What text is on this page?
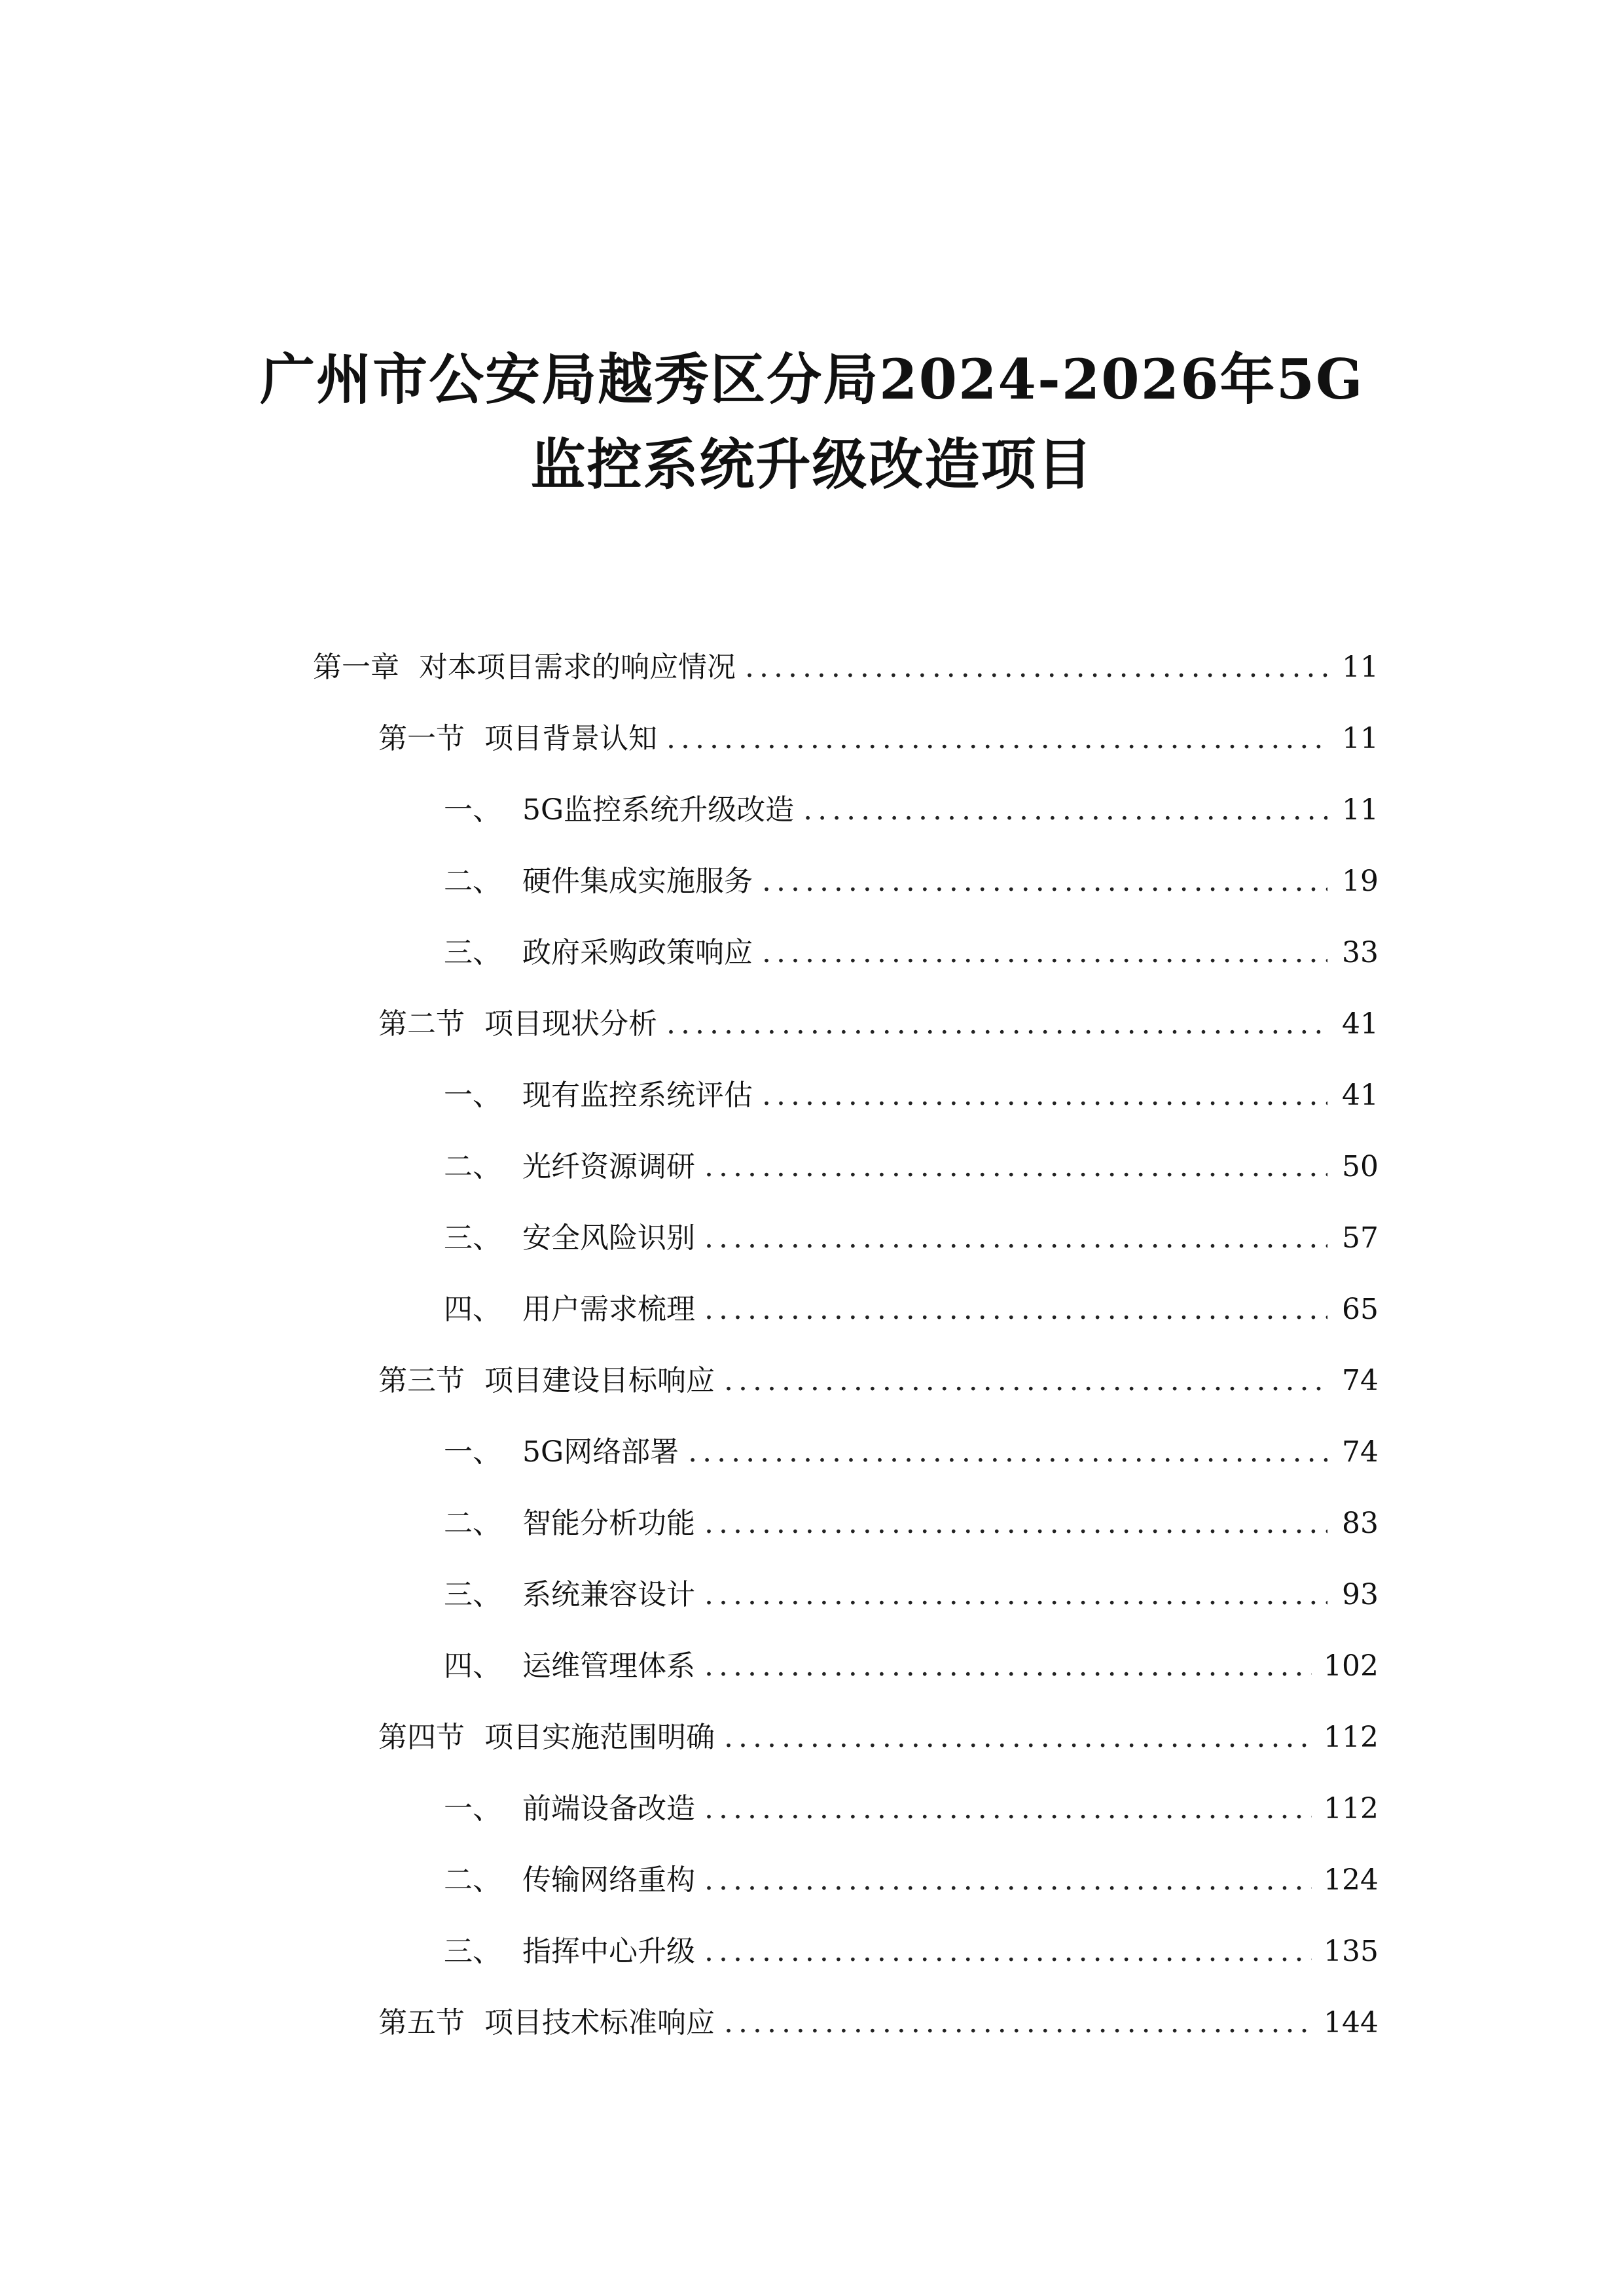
广州市公安局越秀区分局2024-2026年5G
监控系统升级改造项目
第一章 对本项目需求的响应情况 .....	11
第一节 项目背景认知 .....	11
一、 5G监控系统升级改造 .....	11
二、 硬件集成实施服务 .....	19
三、 政府采购政策响应 .....	33
第二节 项目现状分析 .....	41
一、 现有监控系统评估 .....	41
二、 光纤资源调研 .....	50
三、 安全风险识别 .....	57
四、 用户需求梳理 .....	65
第三节 项目建设目标响应 .....	74
一、 5G网络部署 .....	74
二、 智能分析功能 .....	83
三、 系统兼容设计 .....	93
四、 运维管理体系 .....	102
第四节 项目实施范围明确 .....	112
一、 前端设备改造 .....	112
二、 传输网络重构 .....	124
三、 指挥中心升级 .....	135
第五节 项目技术标准响应 .....	144
